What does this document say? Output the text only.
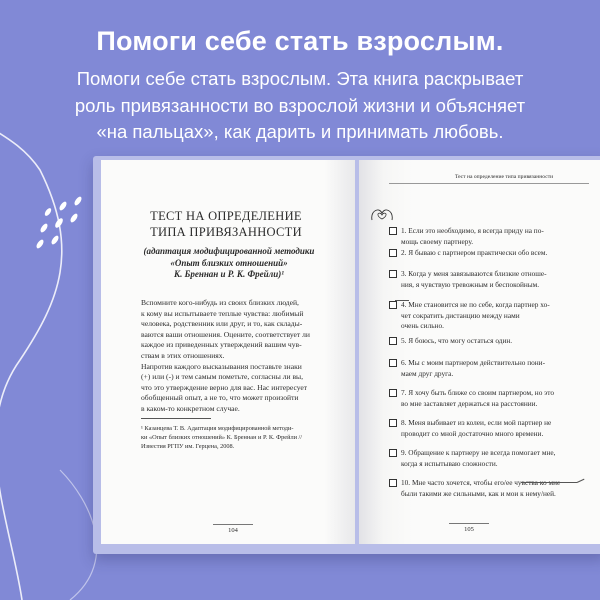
Помоги себе стать взрослым.
Помоги себе стать взрослым. Эта книга раскрывает
роль привязанности во взрослой жизни и объясняет
«на пальцах», как дарить и принимать любовь.
ТЕСТ НА ОПРЕДЕЛЕНИЕ
ТИПА ПРИВЯЗАННОСТИ
(адаптация модифицированной методики
«Опыт близких отношений»
К. Бреннан и Р. К. Фрейли)¹

Вспомните кого-нибудь из своих близких людей,

к кому вы испытываете теплые чувства: любимый

человека, родственник или друг, и то, как склады-

ваются ваши отношения. Оцените, соответствует ли

каждое из приведенных утверждений вашим чув-

ствам в этих отношениях.

Напротив каждого высказывания поставьте знаки

(+) или (-) и тем самым пометьте, согласны ли вы,

что это утверждение верно для вас. Нас интересует

обобщенный опыт, а не то, что может произойти

в каком-то конкретном случае.

¹ Казанцева Т. В. Адаптация модифицированной методи-
ки «Опыт близких отношений» К. Бреннан и Р. К. Фрейли //
Известия РГПУ им. Герцена, 2008.
104
Тест на определение типа привязанности
1. Если это необходимо, я всегда приду на по-
мощь своему партнеру.
2. Я бываю с партнером практически обо всем.
3. Когда у меня завязываются близкие отноше-
ния, я чувствую тревожным и беспокойным.
4. Мне становится не по себе, когда партнер хо-
чет сократить дистанцию между нами
очень сильно.
5. Я боюсь, что могу остаться один.
6. Мы с моим партнером действительно пони-
маем друг друга.
7. Я хочу быть ближе со своим партнером, но это
во мне заставляет держаться на расстоянии.
8. Меня выбивает из колеи, если мой партнер не
проводит со мной достаточно много времени.
9. Обращение к партнеру не всегда помогает мне,
когда я испытываю сложности.
10. Мне часто хочется, чтобы его/ее чувства ко мне
были такими же сильными, как и мои к нему/ней.
105
